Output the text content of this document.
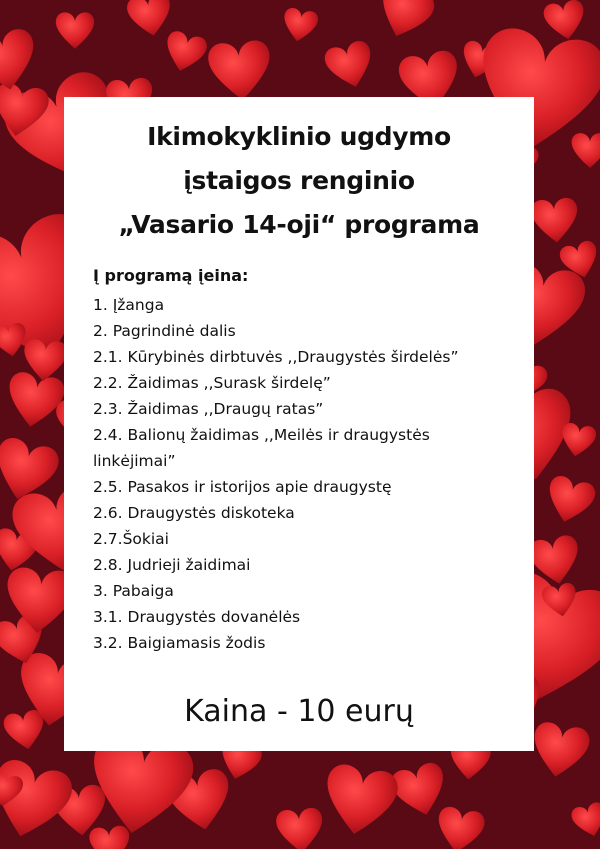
Ikimokyklinio ugdymo
įstaigos renginio
„Vasario 14-oji“ programa
Į programą įeina:
1. Įžanga
2. Pagrindinė dalis
2.1. Kūrybinės dirbtuvės ,,Draugystės širdelės”
2.2. Žaidimas ,,Surask širdelę”
2.3. Žaidimas ,,Draugų ratas”
2.4. Balionų žaidimas ,,Meilės ir draugystės linkėjimai”
2.5. Pasakos ir istorijos apie draugystę
2.6. Draugystės diskoteka
2.7.Šokiai
2.8. Judrieji žaidimai
3. Pabaiga
3.1. Draugystės dovanėlės
3.2. Baigiamasis žodis
Kaina - 10 eurų
